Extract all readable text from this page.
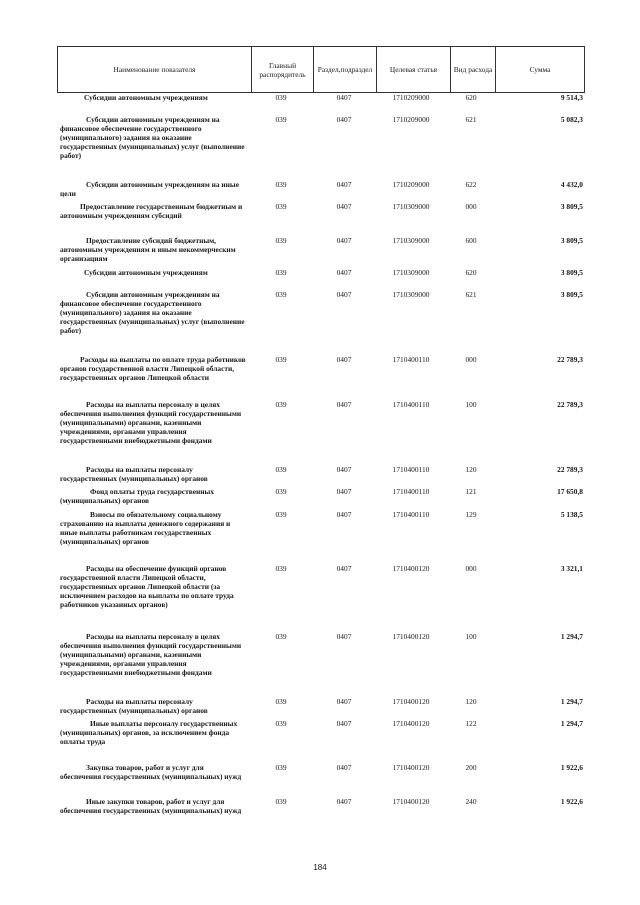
Наименование показателя	Главный распорядитель	Раздел,подраздел	Целевая статья	Вид расхода	Сумма
Субсидии автономным учреждениям	039	0407	1710209000	620	9 514,3
Субсидии автономным учреждениям на финансовое обеспечение государственного (муниципального) задания на оказание государственных (муниципальных) услуг (выполнение работ)
039	0407	1710209000	621	5 082,3
Субсидии автономным учреждениям на иные цели
039	0407	1710209000	622	4 432,0
Предоставление государственным бюджетным и автономным учреждениям субсидий
039	0407	1710309000	000	3 809,5
Предоставление субсидий бюджетным, автономным учреждениям и иным некоммерческим организациям
039	0407	1710309000	600	3 809,5
Субсидии автономным учреждениям	039	0407	1710309000	620	3 809,5
Субсидии автономным учреждениям на финансовое обеспечение государственного (муниципального) задания на оказание государственных (муниципальных) услуг (выполнение работ)
039	0407	1710309000	621	3 809,5
Расходы на выплаты по оплате труда работников органов государственной власти Липецкой области, государственных органов Липецкой области
039	0407	1710400110	000	22 789,3
Расходы на выплаты персоналу в целях обеспечения выполнения функций государственными (муниципальными) органами, казенными учреждениями, органами управления государственными внебюджетными фондами
039	0407	1710400110	100	22 789,3
Расходы на выплаты персоналу государственных (муниципальных) органов
039	0407	1710400110	120	22 789,3
Фонд оплаты труда государственных (муниципальных) органов
039	0407	1710400110	121	17 650,8
Взносы по обязательному социальному страхованию на выплаты денежного содержания и иные выплаты работникам государственных (муниципальных) органов
039	0407	1710400110	129	5 138,5
Расходы на обеспечение функций органов государственной власти Липецкой области, государственных органов Липецкой области (за исключением расходов на выплаты по оплате труда работников указанных органов)
039	0407	1710400120	000	3 321,1
Расходы на выплаты персоналу в целях обеспечения выполнения функций государственными (муниципальными) органами, казенными учреждениями, органами управления государственными внебюджетными фондами
039	0407	1710400120	100	1 294,7
Расходы на выплаты персоналу государственных (муниципальных) органов
039	0407	1710400120	120	1 294,7
Иные выплаты персоналу государственных (муниципальных) органов, за исключением фонда оплаты труда
039	0407	1710400120	122	1 294,7
Закупка товаров, работ и услуг для обеспечения государственных (муниципальных) нужд
039	0407	1710400120	200	1 922,6
Иные закупки товаров, работ и услуг для обеспечения государственных (муниципальных) нужд
039	0407	1710400120	240	1 922,6
184
